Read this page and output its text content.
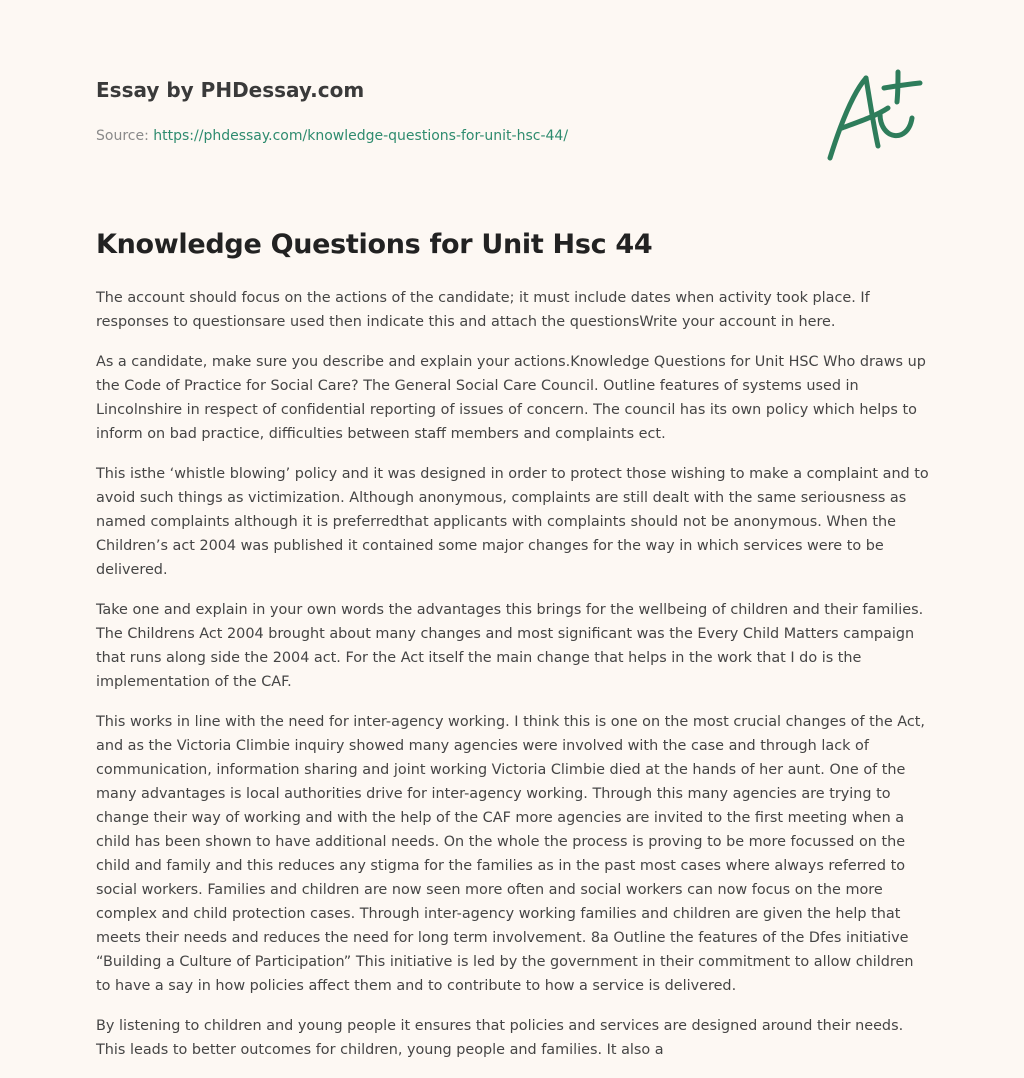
Essay by PHDessay.com
Source: https://phdessay.com/knowledge-questions-for-unit-hsc-44/
Knowledge Questions for Unit Hsc 44

The account should focus on the actions of the candidate; it must include dates when activity took place. If responses to questionsare used then indicate this and attach the questionsWrite your account in here.

As a candidate, make sure you describe and explain your actions.Knowledge Questions for Unit HSC Who draws up the Code of Practice for Social Care? The General Social Care Council. Outline features of systems used in Lincolnshire in respect of confidential reporting of issues of concern. The council has its own policy which helps to inform on bad practice, difficulties between staff members and complaints ect.

This isthe ‘whistle blowing’ policy and it was designed in order to protect those wishing to make a complaint and to avoid such things as victimization. Although anonymous, complaints are still dealt with the same seriousness as named complaints although it is preferredthat applicants with complaints should not be anonymous. When the Children’s act 2004 was published it contained some major changes for the way in which services were to be delivered.

Take one and explain in your own words the advantages this brings for the wellbeing of children and their families. The Childrens Act 2004 brought about many changes and most significant was the Every Child Matters campaign that runs along side the 2004 act. For the Act itself the main change that helps in the work that I do is the implementation of the CAF.

This works in line with the need for inter-agency working. I think this is one on the most crucial changes of the Act, and as the Victoria Climbie inquiry showed many agencies were involved with the case and through lack of communication, information sharing and joint working Victoria Climbie died at the hands of her aunt. One of the many advantages is local authorities drive for inter-agency working. Through this many agencies are trying to change their way of working and with the help of the CAF more agencies are invited to the first meeting when a child has been shown to have additional needs. On the whole the process is proving to be more focussed on the child and family and this reduces any stigma for the families as in the past most cases where always referred to social workers. Families and children are now seen more often and social workers can now focus on the more complex and child protection cases. Through inter-agency working families and children are given the help that meets their needs and reduces the need for long term involvement. 8a Outline the features of the Dfes initiative “Building a Culture of Participation” This initiative is led by the government in their commitment to allow children to have a say in how policies affect them and to contribute to how a service is delivered.

By listening to children and young people it ensures that policies and services are designed around their needs. This leads to better outcomes for children, young people and families. It also a
